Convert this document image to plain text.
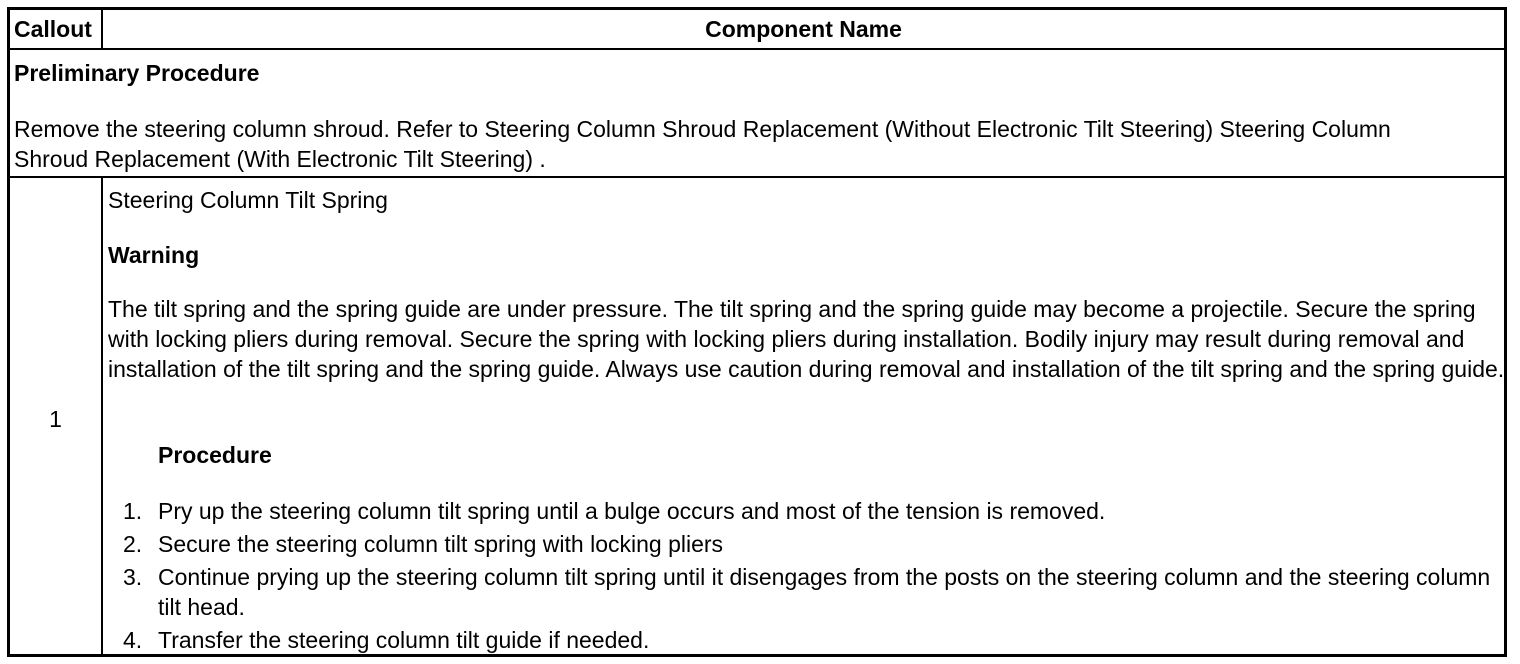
Callout	Component Name
Preliminary Procedure
Remove the steering column shroud. Refer to Steering Column Shroud Replacement (Without Electronic Tilt Steering) Steering Column Shroud Replacement (With Electronic Tilt Steering) .
1
Steering Column Tilt Spring
Warning
The tilt spring and the spring guide are under pressure. The tilt spring and the spring guide may become a projectile. Secure the spring with locking pliers during removal. Secure the spring with locking pliers during installation. Bodily injury may result during removal and installation of the tilt spring and the spring guide. Always use caution during removal and installation of the tilt spring and the spring guide.
Procedure
1. Pry up the steering column tilt spring until a bulge occurs and most of the tension is removed.
2. Secure the steering column tilt spring with locking pliers
3. Continue prying up the steering column tilt spring until it disengages from the posts on the steering column and the steering column tilt head.
4. Transfer the steering column tilt guide if needed.
